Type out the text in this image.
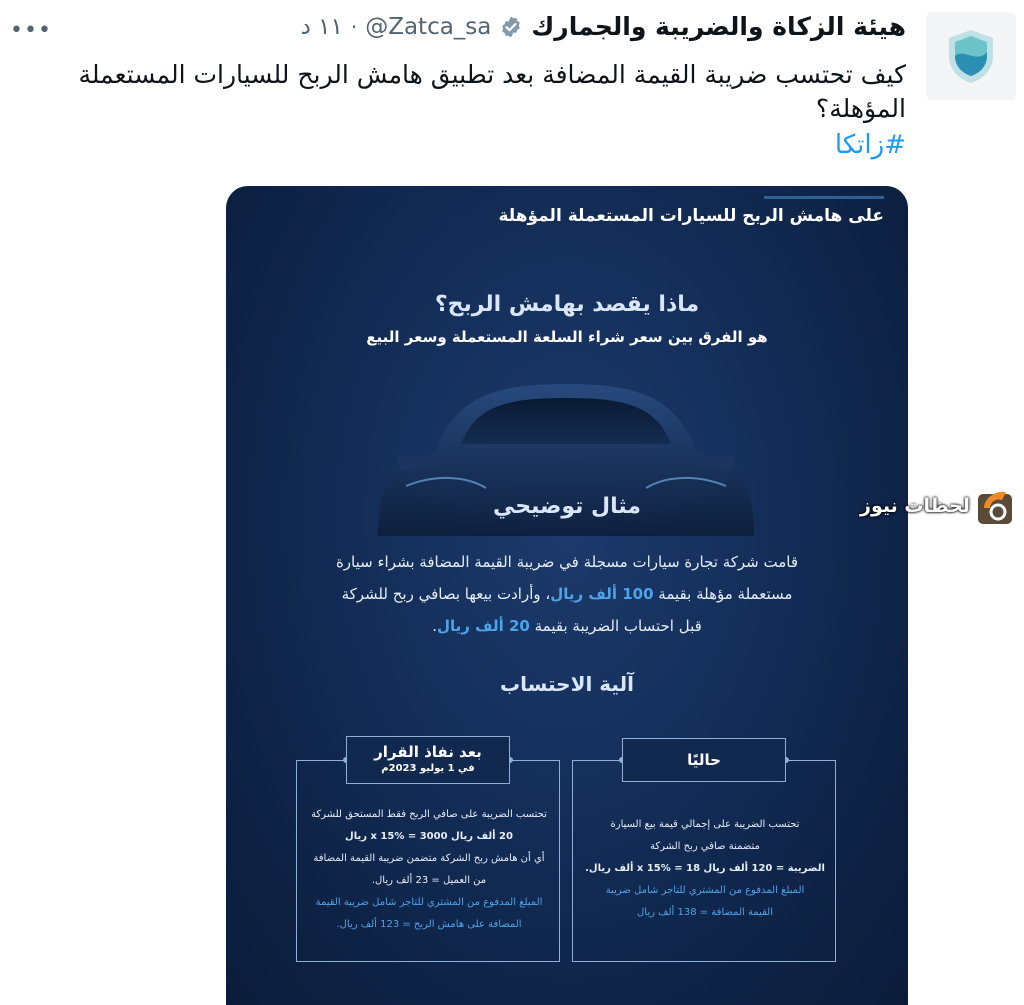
هيئة الزكاة والضريبة والجمارك
@Zatca_sa
·
١١ د
•••
كيف تحتسب ضريبة القيمة المضافة بعد تطبيق هامش الربح للسيارات المستعملة المؤهلة؟
#زاتكا
على هامش الربح للسيارات المستعملة المؤهلة
ماذا يقصد بهامش الربح؟
هو الفرق بين سعر شراء السلعة المستعملة وسعر البيع
مثال توضيحي
قامت شركة تجارة سيارات مسجلة في ضريبة القيمة المضافة بشراء سيارة
مستعملة مؤهلة بقيمة 100 ألف ريال، وأرادت بيعها بصافي ربح للشركة
قبل احتساب الضريبة بقيمة 20 ألف ريال.
آلية الاحتساب
بعد نفاذ القرار
في 1 يوليو 2023م
تحتسب الضريبة على صافي الربح فقط المستحق للشركة
20 ألف ريال x 15% = 3000 ريال
أي أن هامش ربح الشركة متضمن ضريبة القيمة المضافة
من العميل = 23 ألف ريال.
المبلغ المدفوع من المشتري للتاجر شامل ضريبة القيمة
المضافة على هامش الربح = 123 ألف ريال.
حاليًا
تحتسب الضريبة على إجمالي قيمة بيع السيارة
متضمنة صافي ربح الشركة
الضريبة = 120 ألف ريال x 15% = 18 ألف ريال.
المبلغ المدفوع من المشتري للتاجر شامل ضريبة
القيمة المضافة = 138 ألف ريال
لحظات نيوز
